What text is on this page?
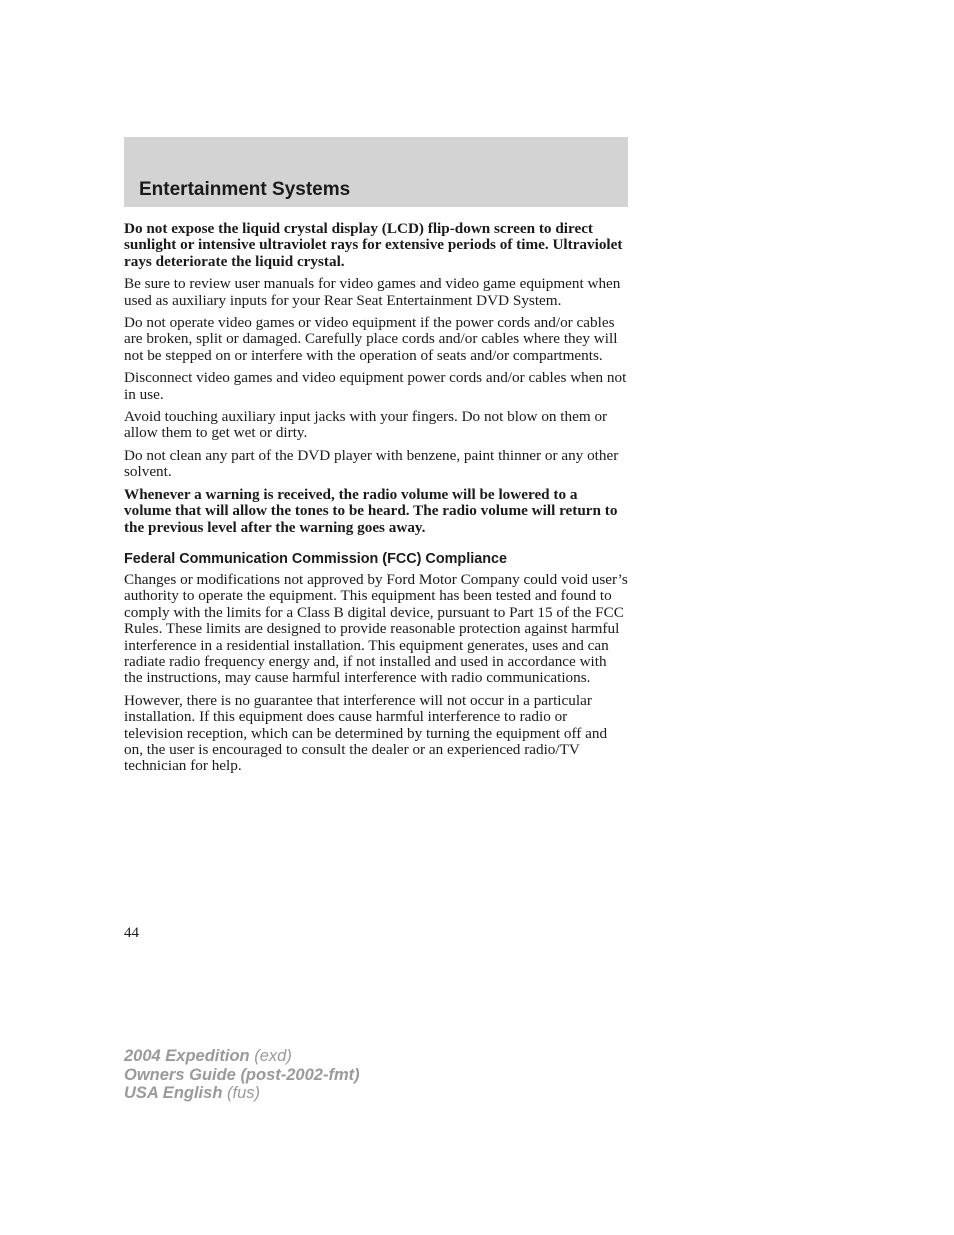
Entertainment Systems

Do not expose the liquid crystal display (LCD) flip-down screen to direct sunlight or intensive ultraviolet rays for extensive periods of time. Ultraviolet rays deteriorate the liquid crystal.

Be sure to review user manuals for video games and video game equipment when used as auxiliary inputs for your Rear Seat Entertainment DVD System.

Do not operate video games or video equipment if the power cords and/or cables are broken, split or damaged. Carefully place cords and/or cables where they will not be stepped on or interfere with the operation of seats and/or compartments.

Disconnect video games and video equipment power cords and/or cables when not in use.

Avoid touching auxiliary input jacks with your fingers. Do not blow on them or allow them to get wet or dirty.

Do not clean any part of the DVD player with benzene, paint thinner or any other solvent.

Whenever a warning is received, the radio volume will be lowered to a volume that will allow the tones to be heard. The radio volume will return to the previous level after the warning goes away.

Federal Communication Commission (FCC) Compliance

Changes or modifications not approved by Ford Motor Company could void user’s authority to operate the equipment. This equipment has been tested and found to comply with the limits for a Class B digital device, pursuant to Part 15 of the FCC Rules. These limits are designed to provide reasonable protection against harmful interference in a residential installation. This equipment generates, uses and can radiate radio frequency energy and, if not installed and used in accordance with the instructions, may cause harmful interference with radio communications.

However, there is no guarantee that interference will not occur in a particular installation. If this equipment does cause harmful interference to radio or television reception, which can be determined by turning the equipment off and on, the user is encouraged to consult the dealer or an experienced radio/TV technician for help.

44
2004 Expedition (exd)
Owners Guide (post-2002-fmt)
USA English (fus)
